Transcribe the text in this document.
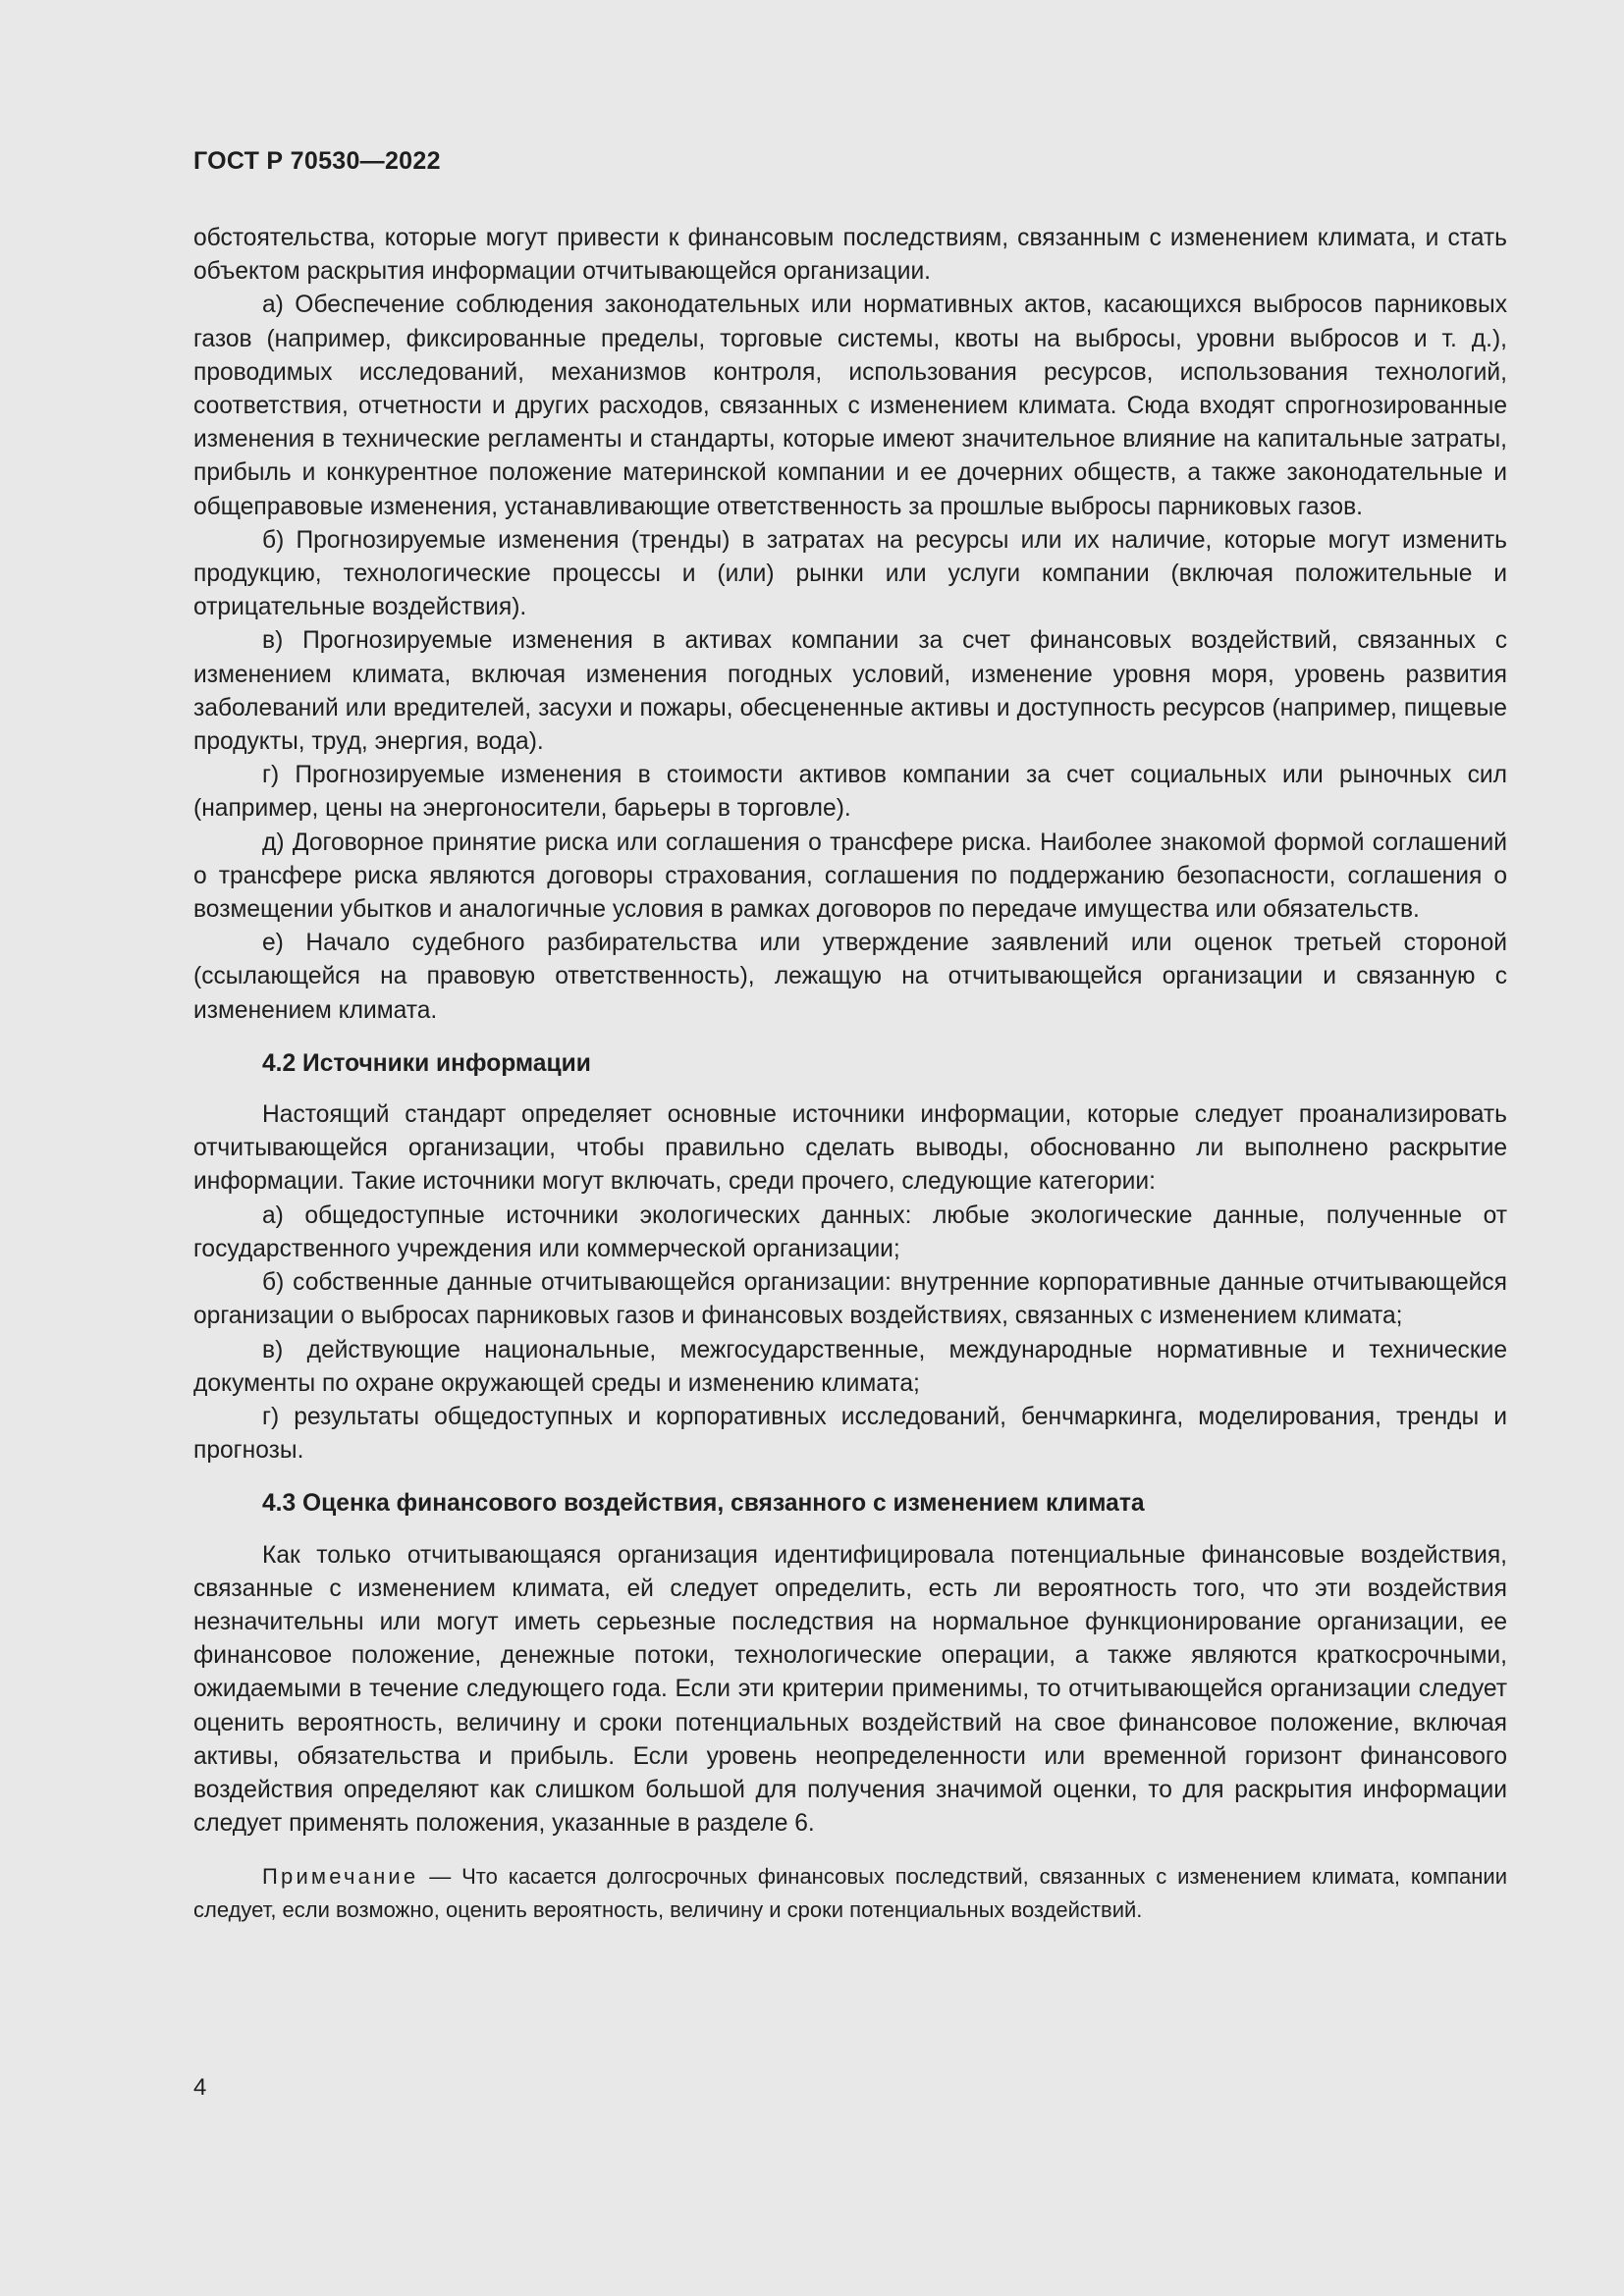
ГОСТ Р 70530—2022

обстоятельства, которые могут привести к финансовым последствиям, связанным с изменением климата, и стать объектом раскрытия информации отчитывающейся организации.

а) Обеспечение соблюдения законодательных или нормативных актов, касающихся выбросов парниковых газов (например, фиксированные пределы, торговые системы, квоты на выбросы, уровни выбросов и т. д.), проводимых исследований, механизмов контроля, использования ресурсов, использования технологий, соответствия, отчетности и других расходов, связанных с изменением климата. Сюда входят спрогнозированные изменения в технические регламенты и стандарты, которые имеют значительное влияние на капитальные затраты, прибыль и конкурентное положение материнской компании и ее дочерних обществ, а также законодательные и общеправовые изменения, устанавливающие ответственность за прошлые выбросы парниковых газов.

б) Прогнозируемые изменения (тренды) в затратах на ресурсы или их наличие, которые могут изменить продукцию, технологические процессы и (или) рынки или услуги компании (включая положительные и отрицательные воздействия).

в) Прогнозируемые изменения в активах компании за счет финансовых воздействий, связанных с изменением климата, включая изменения погодных условий, изменение уровня моря, уровень развития заболеваний или вредителей, засухи и пожары, обесцененные активы и доступность ресурсов (например, пищевые продукты, труд, энергия, вода).

г) Прогнозируемые изменения в стоимости активов компании за счет социальных или рыночных сил (например, цены на энергоносители, барьеры в торговле).

д) Договорное принятие риска или соглашения о трансфере риска. Наиболее знакомой формой соглашений о трансфере риска являются договоры страхования, соглашения по поддержанию безопасности, соглашения о возмещении убытков и аналогичные условия в рамках договоров по передаче имущества или обязательств.

е) Начало судебного разбирательства или утверждение заявлений или оценок третьей стороной (ссылающейся на правовую ответственность), лежащую на отчитывающейся организации и связанную с изменением климата.

4.2 Источники информации

Настоящий стандарт определяет основные источники информации, которые следует проанализировать отчитывающейся организации, чтобы правильно сделать выводы, обоснованно ли выполнено раскрытие информации. Такие источники могут включать, среди прочего, следующие категории:

а) общедоступные источники экологических данных: любые экологические данные, полученные от государственного учреждения или коммерческой организации;

б) собственные данные отчитывающейся организации: внутренние корпоративные данные отчитывающейся организации о выбросах парниковых газов и финансовых воздействиях, связанных с изменением климата;

в) действующие национальные, межгосударственные, международные нормативные и технические документы по охране окружающей среды и изменению климата;

г) результаты общедоступных и корпоративных исследований, бенчмаркинга, моделирования, тренды и прогнозы.

4.3 Оценка финансового воздействия, связанного с изменением климата

Как только отчитывающаяся организация идентифицировала потенциальные финансовые воздействия, связанные с изменением климата, ей следует определить, есть ли вероятность того, что эти воздействия незначительны или могут иметь серьезные последствия на нормальное функционирование организации, ее финансовое положение, денежные потоки, технологические операции, а также являются краткосрочными, ожидаемыми в течение следующего года. Если эти критерии применимы, то отчитывающейся организации следует оценить вероятность, величину и сроки потенциальных воздействий на свое финансовое положение, включая активы, обязательства и прибыль. Если уровень неопределенности или временной горизонт финансового воздействия определяют как слишком большой для получения значимой оценки, то для раскрытия информации следует применять положения, указанные в разделе 6.

Примечание — Что касается долгосрочных финансовых последствий, связанных с изменением климата, компании следует, если возможно, оценить вероятность, величину и сроки потенциальных воздействий.

4
